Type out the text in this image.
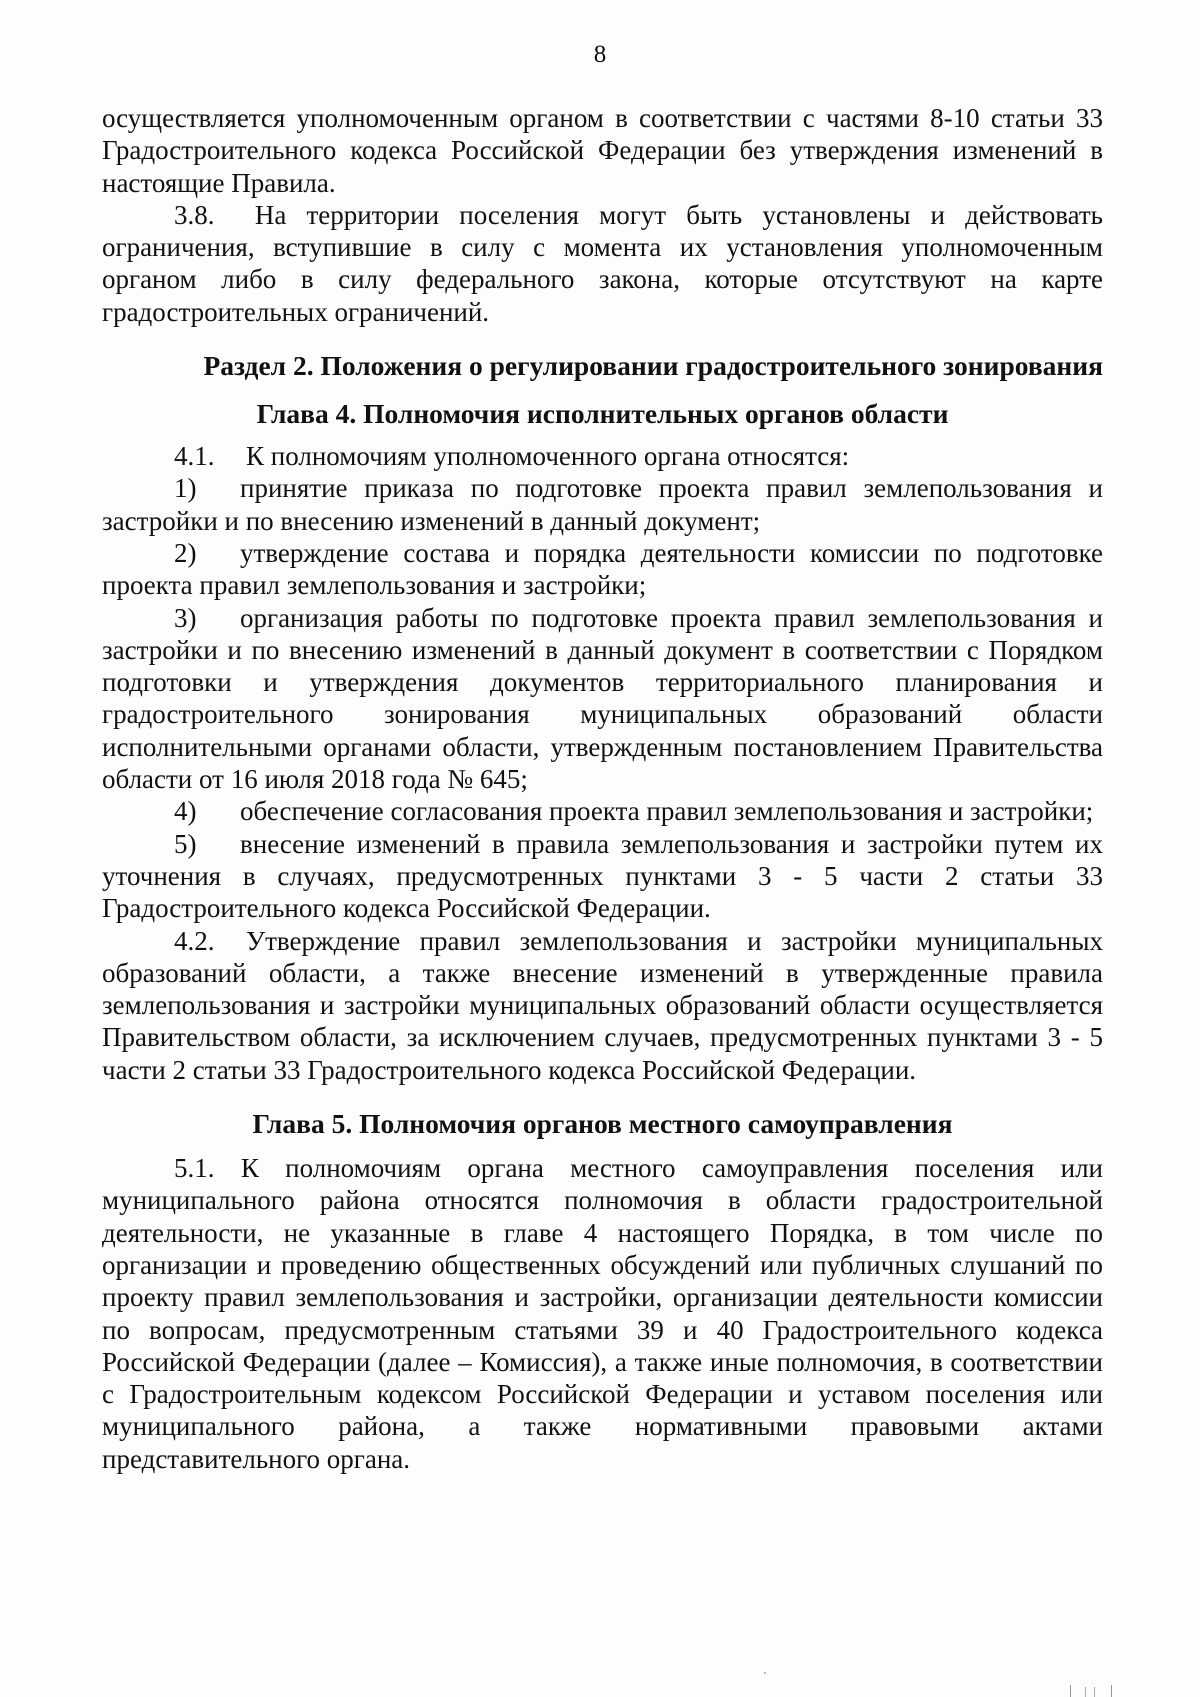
8

осуществляется уполномоченным органом в соответствии с частями 8-10 статьи 33 Градостроительного кодекса Российской Федерации без утверждения изменений в настоящие Правила.

3.8. На территории поселения могут быть установлены и действовать ограничения, вступившие в силу с момента их установления уполномоченным органом либо в силу федерального закона, которые отсутствуют на карте градостроительных ограничений.

Раздел 2. Положения о регулировании градостроительного зонирования
Глава 4. Полномочия исполнительных органов области

4.1. К полномочиям уполномоченного органа относятся:

1) принятие приказа по подготовке проекта правил землепользования и застройки и по внесению изменений в данный документ;

2) утверждение состава и порядка деятельности комиссии по подготовке проекта правил землепользования и застройки;

3) организация работы по подготовке проекта правил землепользования и застройки и по внесению изменений в данный документ в соответствии с Порядком подготовки и утверждения документов территориального планирования и градостроительного зонирования муниципальных образований области исполнительными органами области, утвержденным постановлением Правительства области от 16 июля 2018 года № 645;

4) обеспечение согласования проекта правил землепользования и застройки;

5) внесение изменений в правила землепользования и застройки путем их уточнения в случаях, предусмотренных пунктами 3 - 5 части 2 статьи 33 Градостроительного кодекса Российской Федерации.

4.2. Утверждение правил землепользования и застройки муниципальных образований области, а также внесение изменений в утвержденные правила землепользования и застройки муниципальных образований области осуществляется Правительством области, за исключением случаев, предусмотренных пунктами 3 - 5 части 2 статьи 33 Градостроительного кодекса Российской Федерации.

Глава 5. Полномочия органов местного самоуправления

5.1. К полномочиям органа местного самоуправления поселения или муниципального района относятся полномочия в области градостроительной деятельности, не указанные в главе 4 настоящего Порядка, в том числе по организации и проведению общественных обсуждений или публичных слушаний по проекту правил землепользования и застройки, организации деятельности комиссии по вопросам, предусмотренным статьями 39 и 40 Градостроительного кодекса Российской Федерации (далее – Комиссия), а также иные полномочия, в соответствии с Градостроительным кодексом Российской Федерации и уставом поселения или муниципального района, а также нормативными правовыми актами представительного органа.
